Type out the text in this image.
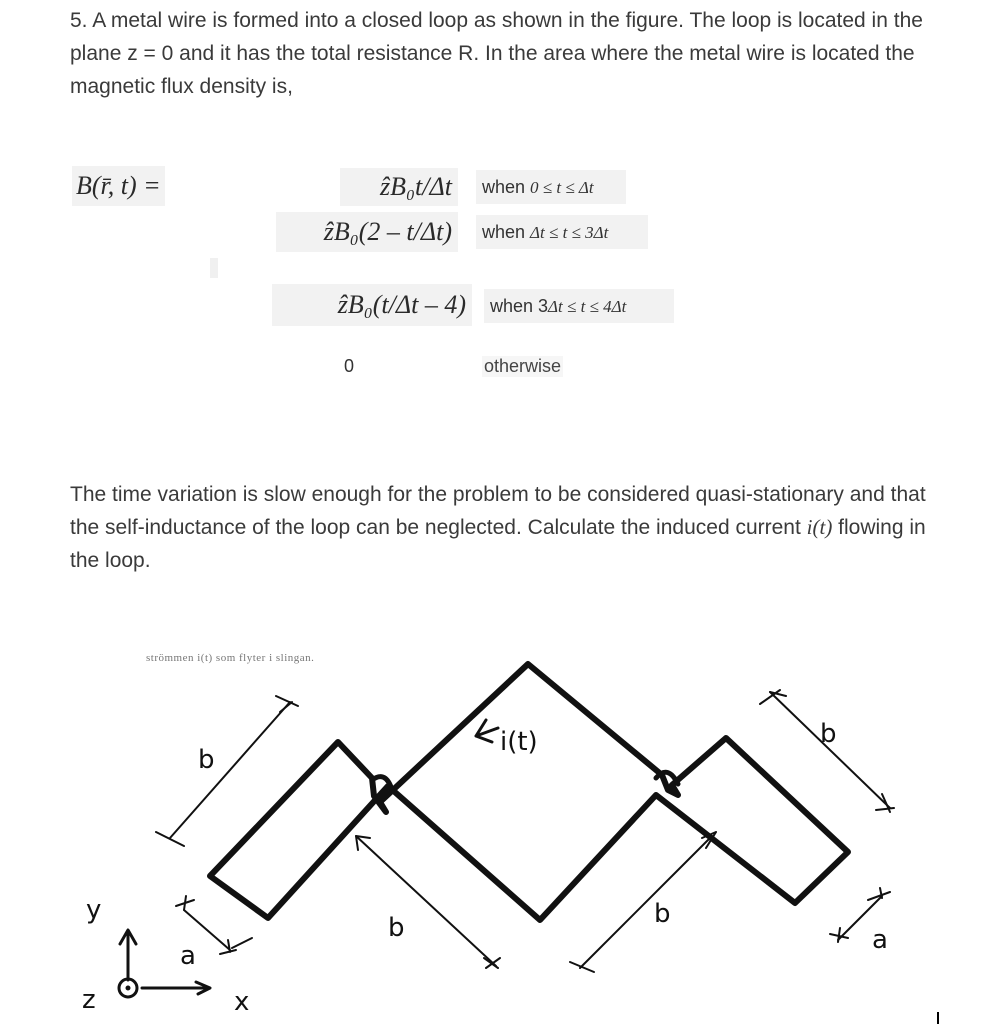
5. A metal wire is formed into a closed loop as shown in the figure. The loop is located in the plane z = 0 and it has the total resistance R. In the area where the metal wire is located the magnetic flux density is,

B(r̄, t) =	ẑB₀t/Δt	when 0 ≤ t ≤ Δt
ẑB₀(2 – t/Δt)	when Δt ≤ t ≤ 3Δt
ẑB₀(t/Δt – 4)	when 3Δt ≤ t ≤ 4Δt
0	otherwise

The time variation is slow enough for the problem to be considered quasi-stationary and that the self-inductance of the loop can be neglected. Calculate the induced current i(t) flowing in the loop.

strömmen i(t) som flyter i slingan.
i(t)
b
b	b
b
a
a
y
x
z
